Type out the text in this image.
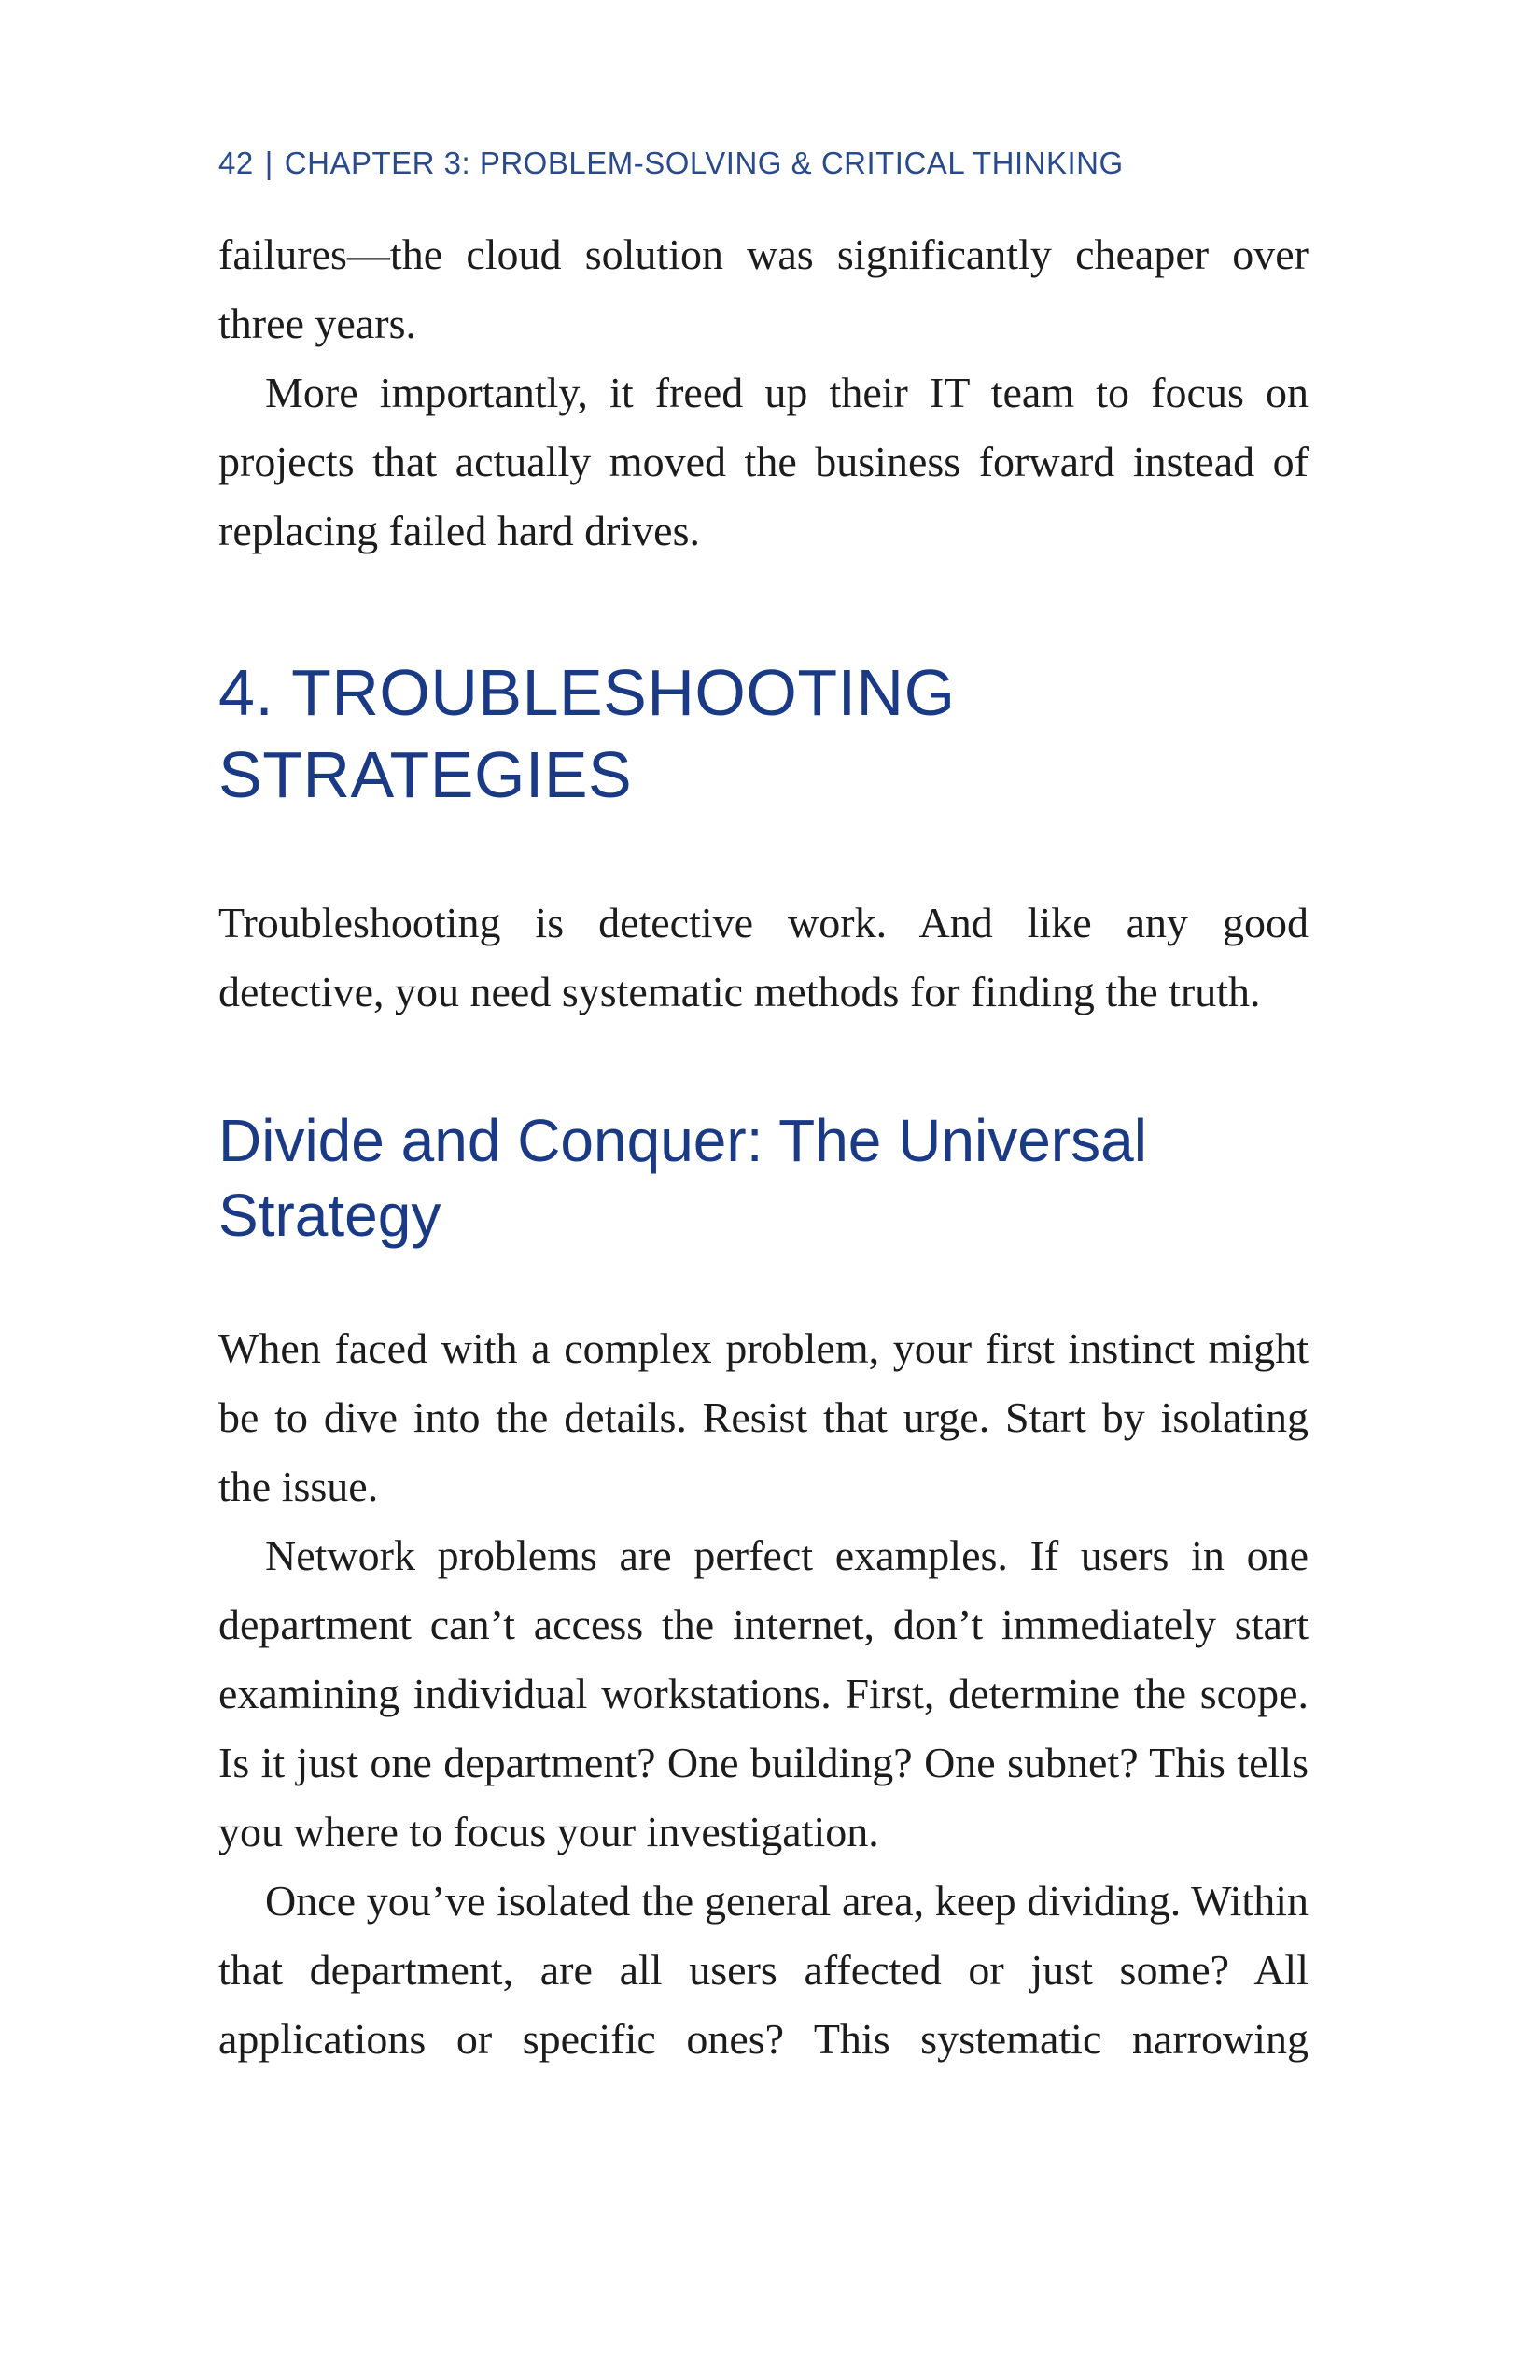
42 | CHAPTER 3: PROBLEM-SOLVING & CRITICAL THINKING

failures—the cloud solution was significantly cheaper over three years.

More importantly, it freed up their IT team to focus on projects that actually moved the business forward instead of replacing failed hard drives.

4. TROUBLESHOOTING STRATEGIES

Troubleshooting is detective work. And like any good detective, you need systematic methods for finding the truth.

Divide and Conquer: The Universal Strategy

When faced with a complex problem, your first instinct might be to dive into the details. Resist that urge. Start by isolating the issue.

Network problems are perfect examples. If users in one department can’t access the internet, don’t immediately start examining individual workstations. First, determine the scope. Is it just one department? One building? One subnet? This tells you where to focus your investigation.

Once you’ve isolated the general area, keep dividing. Within that department, are all users affected or just some? All applications or specific ones? This systematic narrowing
